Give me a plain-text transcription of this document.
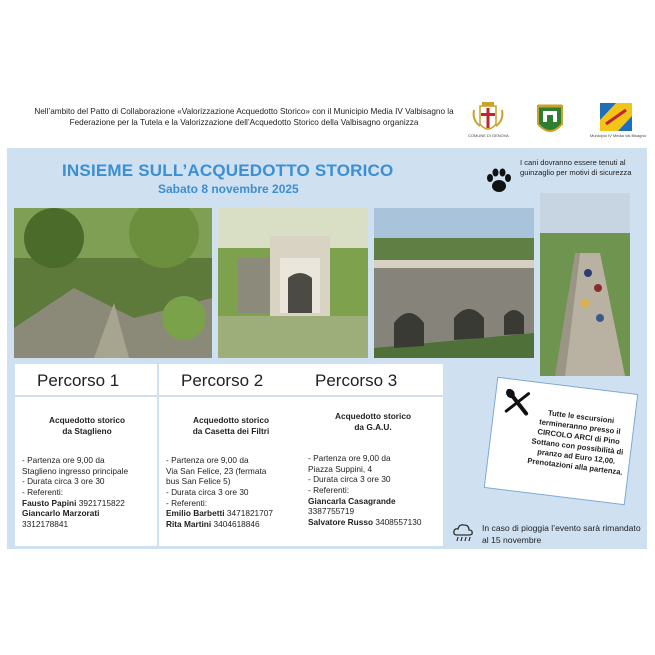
Nell’ambito del Patto di Collaborazione «Valorizzazione Acquedotto Storico» con il Municipio Media IV Valbisagno la Federazione per la Tutela e la Valorizzazione dell’Acquedotto Storico della Valbisagno organizza
COMUNE DI GENOVA	Municipio IV Media Val Bisagno
INSIEME SULL’ACQUEDOTTO STORICO
Sabato 8 novembre 2025
I cani dovranno essere tenuti al guinzaglio per motivi di sicurezza
Percorso 1
Acquedotto storico
da Staglieno
- Partenza ore 9,00 da
Staglieno ingresso principale
- Durata circa 3 ore 30
- Referenti:
Fausto Papini 3921715822
Giancarlo Marzorati
3312178841
Percorso 2
Acquedotto storico
da Casetta dei Filtri
- Partenza ore 9,00 da
Via San Felice, 23 (fermata
bus San Felice 5)
- Durata circa 3 ore 30
- Referenti:
Emilio Barbetti 3471821707
Rita Martini 3404618846
Percorso 3
Acquedotto storico
da G.A.U.
- Partenza ore 9,00 da
Piazza Suppini, 4
- Durata circa 3 ore 30
- Referenti:
Giancarla Casagrande
3387755719
Salvatore Russo 3408557130
Tutte le escursioni termineranno presso il CIRCOLO ARCI di Pino Sottano con possibilità di pranzo ad Euro 12,00. Prenotazioni alla partenza.
In caso di pioggia l’evento sarà rimandato al 15 novembre
